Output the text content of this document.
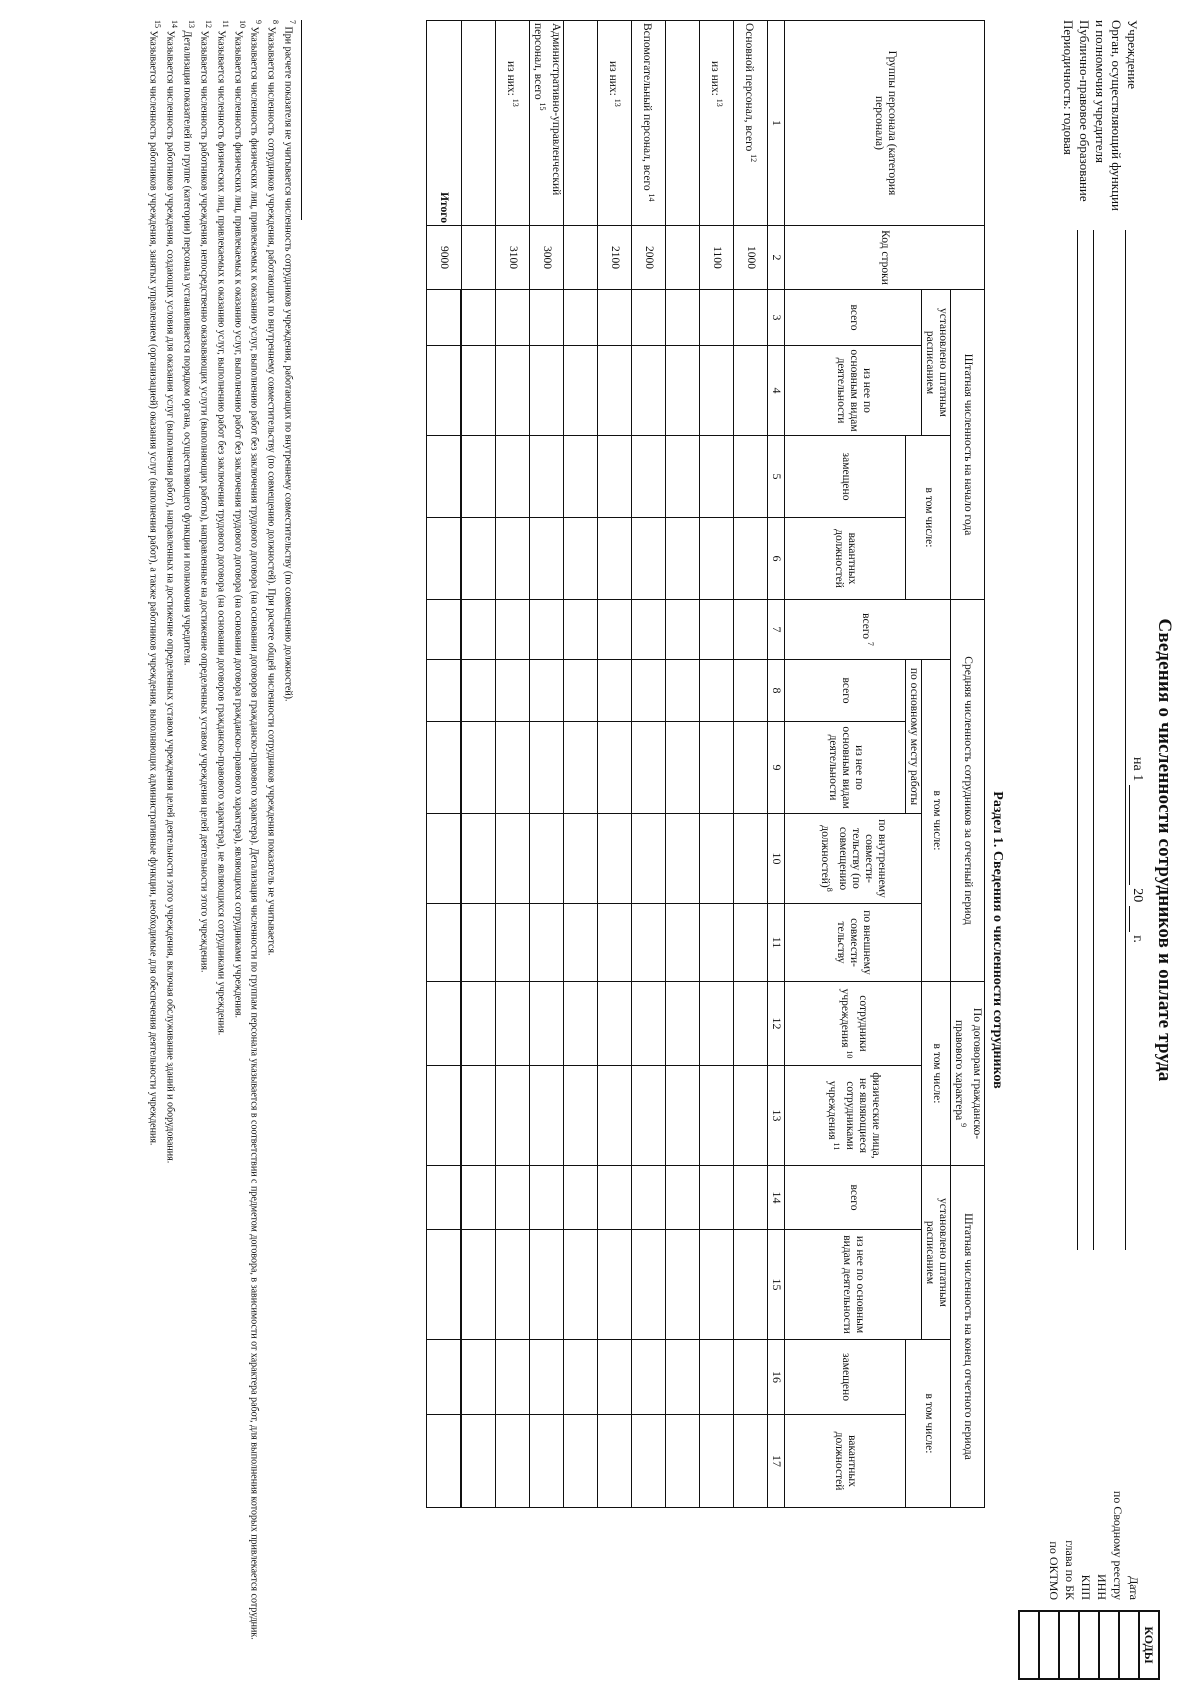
Сведения о численности сотрудников и оплате труда
на 1  20  г.
Учреждение
Орган, осуществляющий функции
и полномочия учредителя
Публично-правовое образование
Периодичность: годовая
Дата
по Сводному реестру
ИНН
КПП
глава по БК
по ОКТМО
КОДЫ

Раздел 1. Сведения о численности сотрудников
Группы персонала (категория персонала)	Код строки	Штатная численность на начало года				Средняя численность сотрудников за отчетный период					По договорам гражданско-правового характера $^9$		Штатная численность на конец отчетного периода			
		установлено штатным расписанием		в том числе:		всего $^7$	в том числе:				в том числе:		установлено штатным расписанием		в том числе:	
		всего	из нее по основным видам деятельности				по основному месту работы		по внутреннему совмести-тельству (по совмещению должностей)$^8$	по внешнему совмести-тельству	сотрудники учреждения $^{10}$	физические лица, не являющиеся сотрудниками учреждения $^{11}$	всего	из нее по основным видам деятельности		
				замещено	вакантных должностей		всего	из нее по основным видам деятельности							замещено	вакантных должностей
1	2	3	4	5	6	7	8	9	10	11	12	13	14	15	16	17
Основной персонал, всего $^{12}$	1000															
из них: $^{13}$	1100															

Вспомогательный персонал, всего $^{14}$	2000															
из них: $^{13}$	2100															

Административно-управленческий персонал, всего $^{15}$	3000															
из них: $^{13}$	3100															

Итого	9000															
$^7$ При расчете показателя не учитывается численность сотрудников учреждения, работающих по внутреннему совместительству (по совмещению должностей).
$^8$ Указывается численность сотрудников учреждения, работающих по внутреннему совместительству (по совмещению должностей). При расчете общей численности сотрудников учреждения показатель не учитывается.
$^9$ Указывается численность физических лиц, привлекаемых к оказанию услуг, выполнению работ без заключения трудового договора (на основании договоров гражданско-правового характера). Детализация численности по группам персонала указывается в соответствии с предметом договора, в зависимости от характера работ, для выполнения которых привлекается сотрудник.
$^{10}$ Указывается численность физических лиц, привлекаемых к оказанию услуг, выполнению работ без заключения трудового договора (на основании договора гражданско-правового характера), являющихся сотрудниками учреждения.
$^{11}$ Указывается численность физических лиц, привлекаемых к оказанию услуг, выполнению работ без заключения трудового договора (на основании договоров гражданско-правового характера), не являющихся сотрудниками учреждения.
$^{12}$ Указывается численность работников учреждения, непосредственно оказывающих услуги (выполняющих работы), направленные на достижение определенных уставом учреждения целей деятельности этого учреждения.
$^{13}$ Детализация показателей по группе (категории) персонала устанавливается порядком органа, осуществляющего функции и полномочия учредителя.
$^{14}$ Указывается численность работников учреждения, создающих условия для оказания услуг (выполнения работ), направленных на достижение определенных уставом учреждения целей деятельности этого учреждения, включая обслуживание зданий и оборудования.
$^{15}$ Указывается численность работников учреждения, занятых управлением (организацией) оказания услуг (выполнения работ), а также работников учреждения, выполняющих административные функции, необходимые для обеспечения деятельности учреждения.
